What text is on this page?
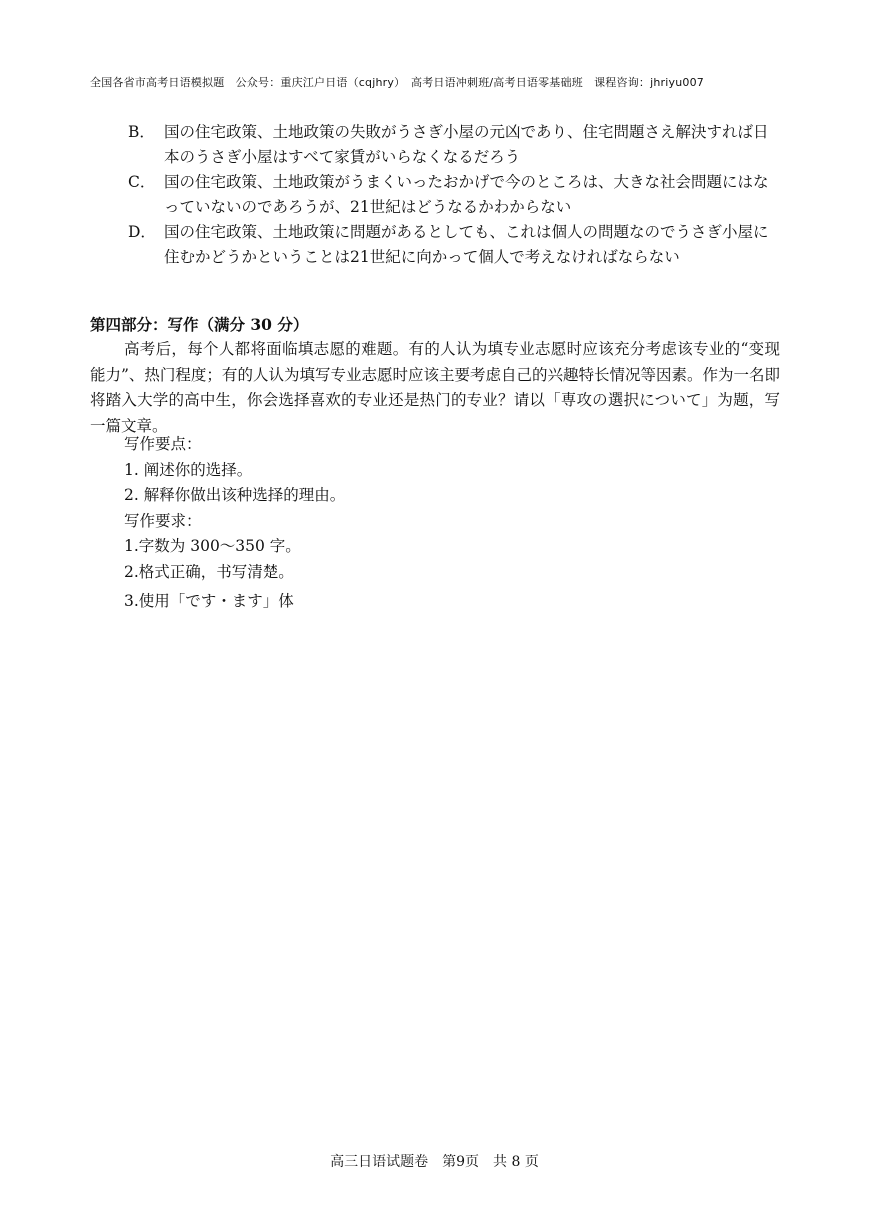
全国各省市高考日语模拟题　公众号：重庆江户日语（cqjhry）　高考日语冲刺班/高考日语零基础班　课程咨询：jhriyu007
B． 国の住宅政策、土地政策の失敗がうさぎ小屋の元凶であり、住宅問題さえ解決すれば日本のうさぎ小屋はすべて家賃がいらなくなるだろう
C． 国の住宅政策、土地政策がうまくいったおかげで今のところは、大きな社会問題にはなっていないのであろうが、21世紀はどうなるかわからない
D． 国の住宅政策、土地政策に問題があるとしても、これは個人の問題なのでうさぎ小屋に住むかどうかということは21世紀に向かって個人で考えなければならない
第四部分：写作（满分 30 分）
高考后，每个人都将面临填志愿的难题。有的人认为填专业志愿时应该充分考虑该专业的“变现能力”、热门程度；有的人认为填写专业志愿时应该主要考虑自己的兴趣特长情况等因素。作为一名即将踏入大学的高中生，你会选择喜欢的专业还是热门的专业？请以「専攻の選択について」为题，写一篇文章。
写作要点：
1. 阐述你的选择。
2. 解释你做出该种选择的理由。
写作要求：
1.字数为 300～350 字。
2.格式正确，书写清楚。
3.使用「です・ます」体
高三日语试题卷　第9页　共 8 页
